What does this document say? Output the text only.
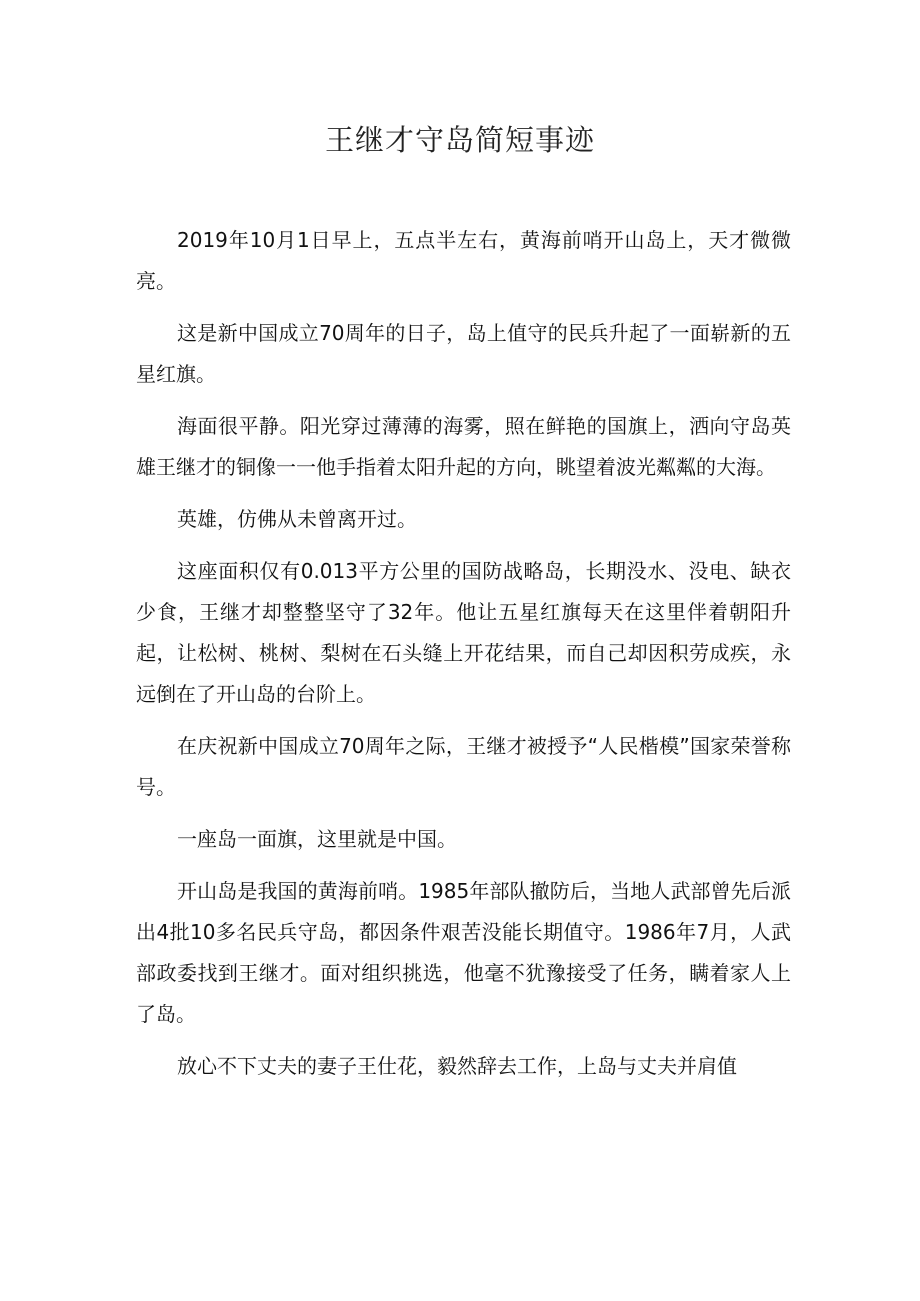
王继才守岛简短事迹

2019年10月1日早上，五点半左右，黄海前哨开山岛上，天才微微亮。

这是新中国成立70周年的日子，岛上值守的民兵升起了一面崭新的五星红旗。

海面很平静。阳光穿过薄薄的海雾，照在鲜艳的国旗上，洒向守岛英雄王继才的铜像一一他手指着太阳升起的方向，眺望着波光粼粼的大海。

英雄，仿佛从未曾离开过。

这座面积仅有0.013平方公里的国防战略岛，长期没水、没电、缺衣少食，王继才却整整坚守了32年。他让五星红旗每天在这里伴着朝阳升起，让松树、桃树、梨树在石头缝上开花结果，而自己却因积劳成疾，永远倒在了开山岛的台阶上。

在庆祝新中国成立70周年之际，王继才被授予“人民楷模”国家荣誉称号。

一座岛一面旗，这里就是中国。

开山岛是我国的黄海前哨。1985年部队撤防后，当地人武部曾先后派出4批10多名民兵守岛，都因条件艰苦没能长期值守。1986年7月，人武部政委找到王继才。面对组织挑选，他毫不犹豫接受了任务，瞒着家人上了岛。

放心不下丈夫的妻子王仕花，毅然辞去工作，上岛与丈夫并肩值
